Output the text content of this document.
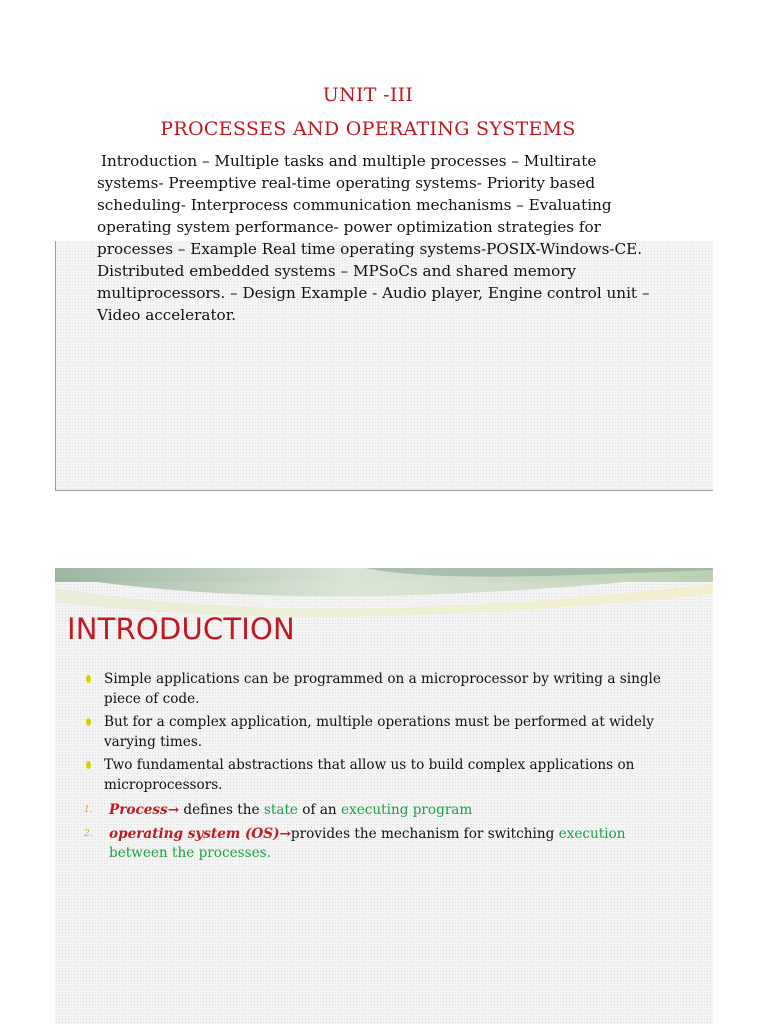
UNIT -III
PROCESSES AND OPERATING SYSTEMS

Introduction – Multiple tasks and multiple processes – Multirate systems- Preemptive real-time operating systems- Priority based scheduling- Interprocess communication mechanisms – Evaluating operating system performance- power optimization strategies for processes – Example Real time operating systems-POSIX-Windows-CE. Distributed embedded systems – MPSoCs and shared memory multiprocessors. – Design Example - Audio player, Engine control unit – Video accelerator.

INTRODUCTION
Simple applications can be programmed on a microprocessor by writing a single piece of code.
But for a complex application, multiple operations must be performed at widely varying times.
Two fundamental abstractions that allow us to build complex applications on microprocessors.
1. Process→ defines the state of an executing program
2. operating system (OS)→provides the mechanism for switching execution between the processes.
